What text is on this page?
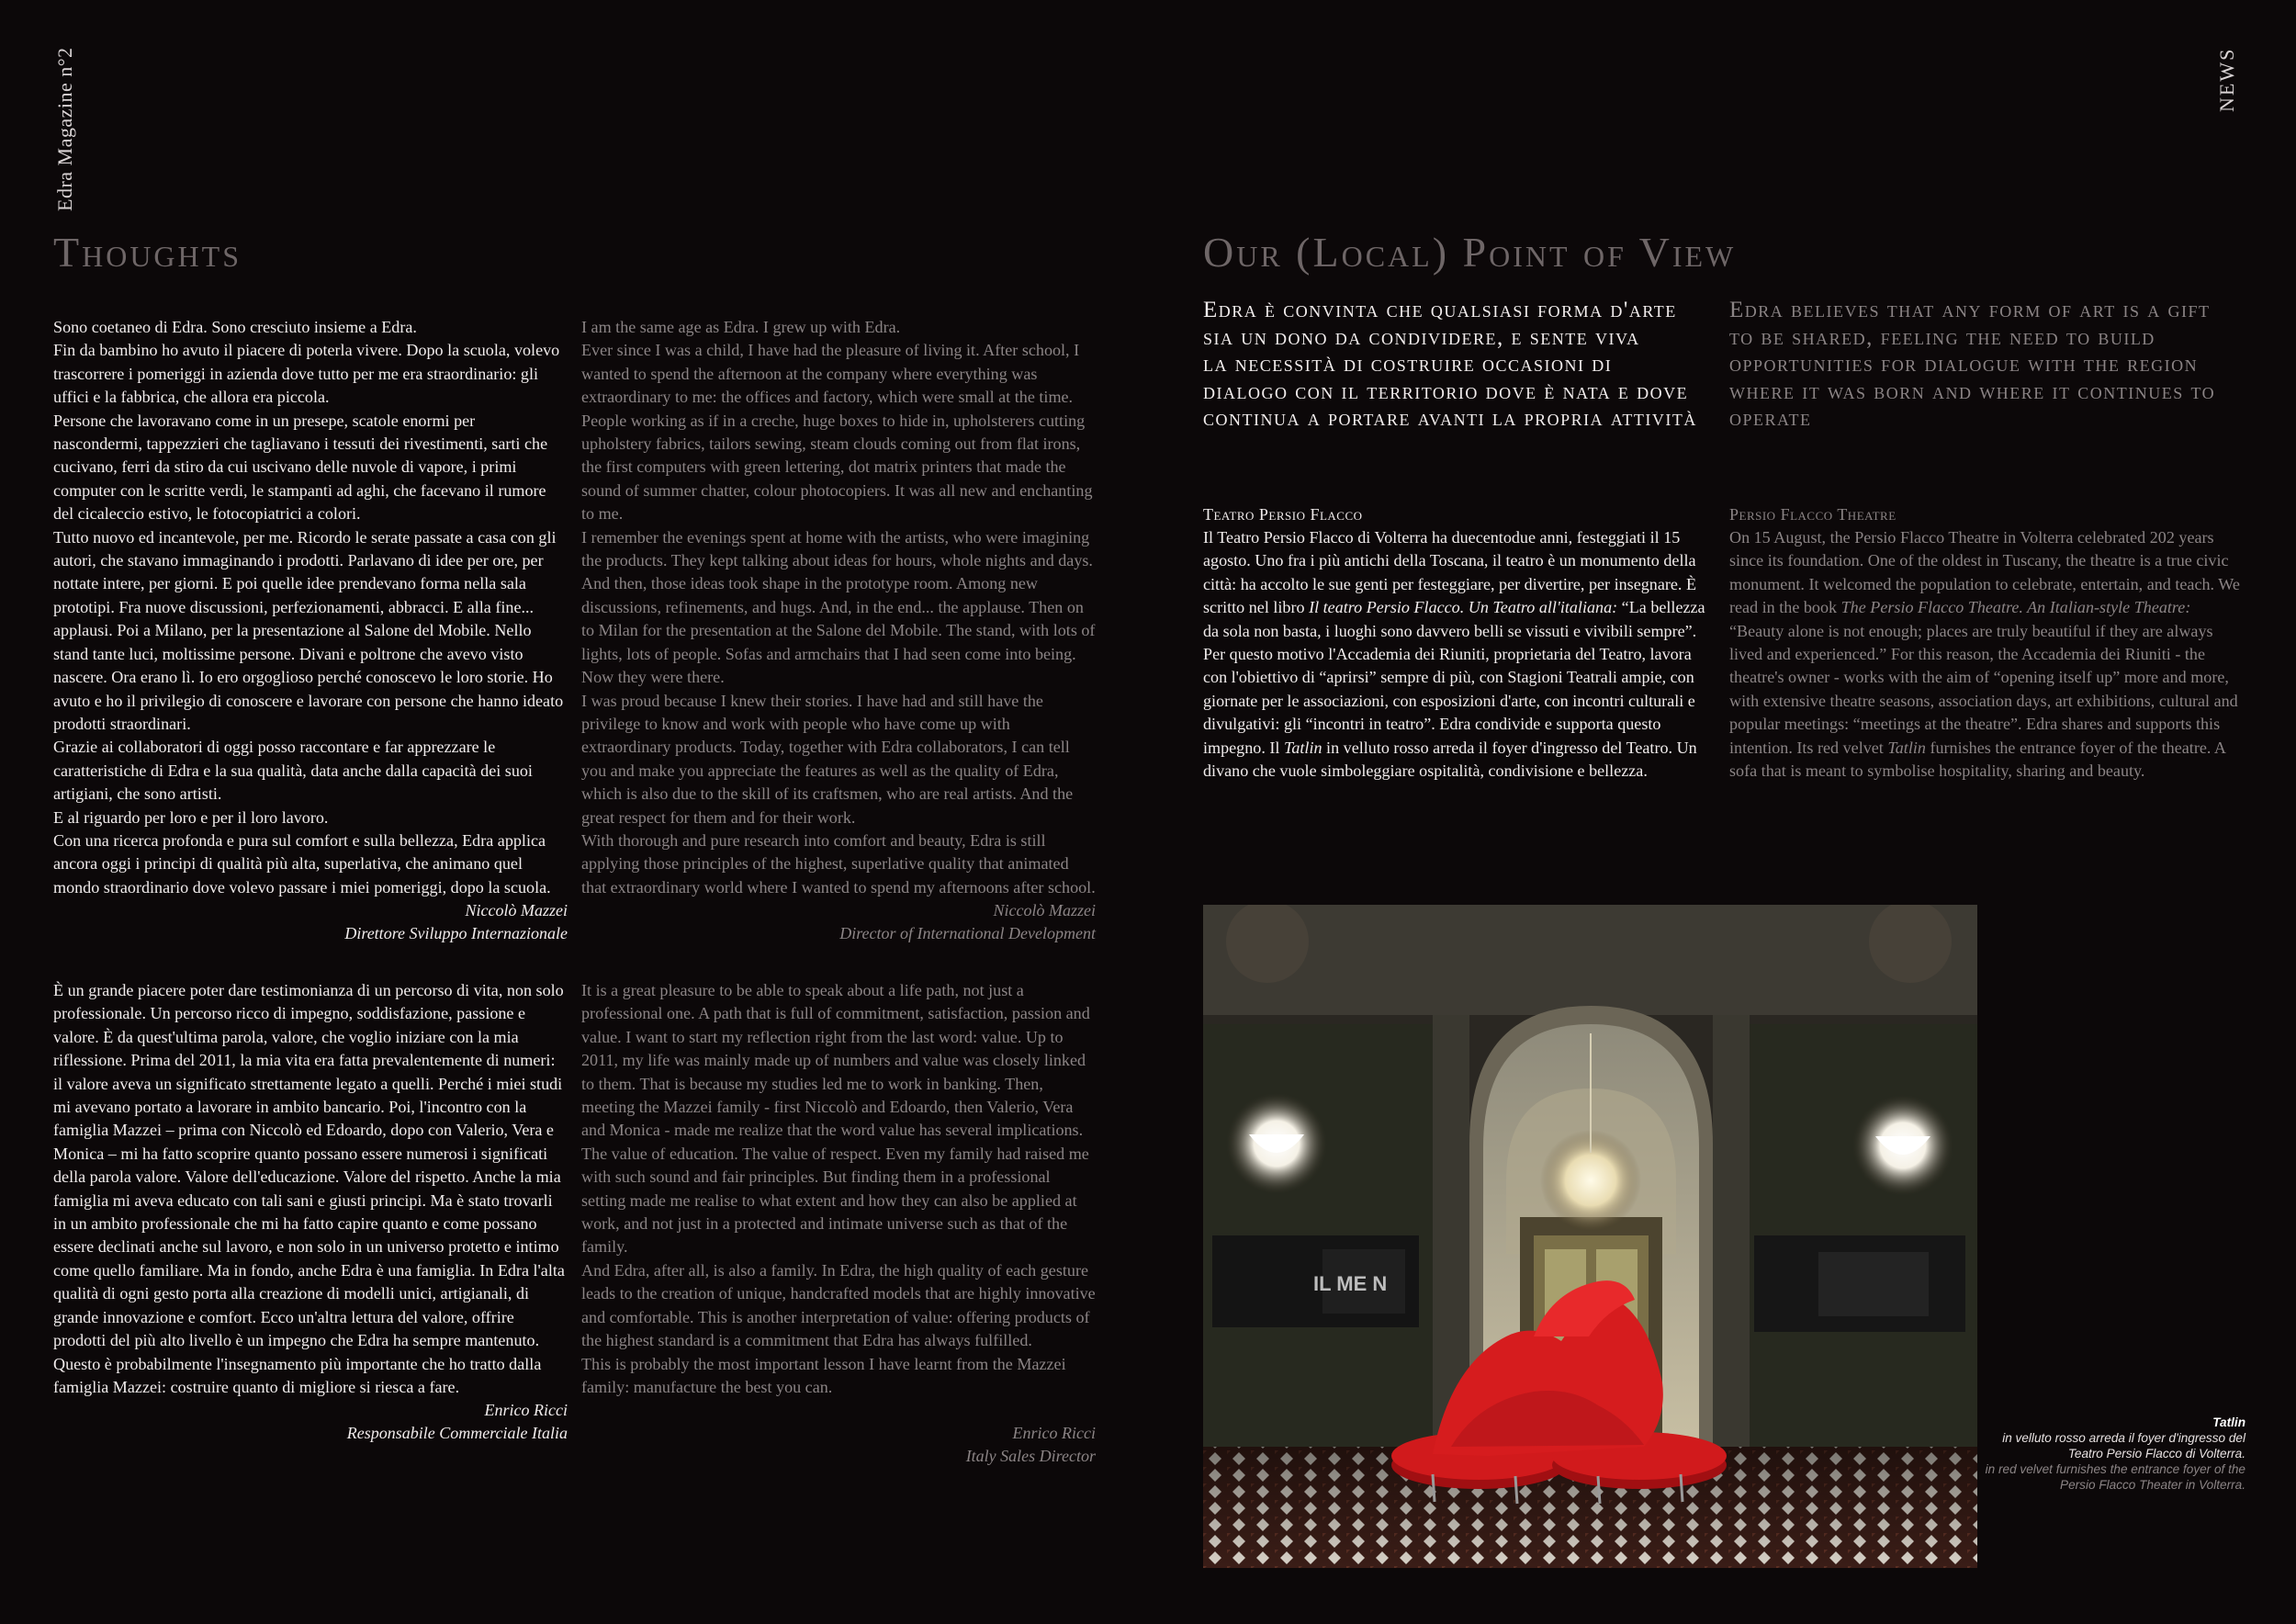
Edra Magazine n°2
Thoughts

Sono coetaneo di Edra. Sono cresciuto insieme a Edra.
Fin da bambino ho avuto il piacere di poterla vivere. Dopo la scuola, volevo trascorrere i pomeriggi in azienda dove tutto per me era straordinario: gli uffici e la fabbrica, che allora era piccola.
Persone che lavoravano come in un presepe, scatole enormi per nascondermi, tappezzieri che tagliavano i tessuti dei rivestimenti, sarti che cucivano, ferri da stiro da cui uscivano delle nuvole di vapore, i primi computer con le scritte verdi, le stampanti ad aghi, che facevano il rumore del cicaleccio estivo, le fotocopiatrici a colori.
Tutto nuovo ed incantevole, per me. Ricordo le serate passate a casa con gli autori, che stavano immaginando i prodotti. Parlavano di idee per ore, per nottate intere, per giorni. E poi quelle idee prendevano forma nella sala prototipi. Fra nuove discussioni, perfezionamenti, abbracci. E alla fine... applausi. Poi a Milano, per la presentazione al Salone del Mobile. Nello stand tante luci, moltissime persone. Divani e poltrone che avevo visto nascere. Ora erano lì. Io ero orgoglioso perché conoscevo le loro storie. Ho avuto e ho il privilegio di conoscere e lavorare con persone che hanno ideato prodotti straordinari.
Grazie ai collaboratori di oggi posso raccontare e far apprezzare le caratteristiche di Edra e la sua qualità, data anche dalla capacità dei suoi artigiani, che sono artisti.
E al riguardo per loro e per il loro lavoro.
Con una ricerca profonda e pura sul comfort e sulla bellezza, Edra applica ancora oggi i principi di qualità più alta, superlativa, che animano quel mondo straordinario dove volevo passare i miei pomeriggi, dopo la scuola.

Niccolò Mazzei
Direttore Sviluppo Internazionale

I am the same age as Edra. I grew up with Edra.
Ever since I was a child, I have had the pleasure of living it. After school, I wanted to spend the afternoon at the company where everything was extraordinary to me: the offices and factory, which were small at the time. People working as if in a creche, huge boxes to hide in, upholsterers cutting upholstery fabrics, tailors sewing, steam clouds coming out from flat irons, the first computers with green lettering, dot matrix printers that made the sound of summer chatter, colour photocopiers. It was all new and enchanting to me.
I remember the evenings spent at home with the artists, who were imagining the products. They kept talking about ideas for hours, whole nights and days. And then, those ideas took shape in the prototype room. Among new discussions, refinements, and hugs. And, in the end... the applause. Then on to Milan for the presentation at the Salone del Mobile. The stand, with lots of lights, lots of people. Sofas and armchairs that I had seen come into being. Now they were there.
I was proud because I knew their stories. I have had and still have the privilege to know and work with people who have come up with extraordinary products. Today, together with Edra collaborators, I can tell you and make you appreciate the features as well as the quality of Edra, which is also due to the skill of its craftsmen, who are real artists. And the great respect for them and for their work.
With thorough and pure research into comfort and beauty, Edra is still applying those principles of the highest, superlative quality that animated that extraordinary world where I wanted to spend my afternoons after school.

Niccolò Mazzei
Director of International Development

È un grande piacere poter dare testimonianza di un percorso di vita, non solo professionale. Un percorso ricco di impegno, soddisfazione, passione e valore. È da quest'ultima parola, valore, che voglio iniziare con la mia riflessione. Prima del 2011, la mia vita era fatta prevalentemente di numeri: il valore aveva un significato strettamente legato a quelli. Perché i miei studi mi avevano portato a lavorare in ambito bancario. Poi, l'incontro con la famiglia Mazzei – prima con Niccolò ed Edoardo, dopo con Valerio, Vera e Monica – mi ha fatto scoprire quanto possano essere numerosi i significati della parola valore. Valore dell'educazione. Valore del rispetto. Anche la mia famiglia mi aveva educato con tali sani e giusti principi. Ma è stato trovarli in un ambito professionale che mi ha fatto capire quanto e come possano essere declinati anche sul lavoro, e non solo in un universo protetto e intimo come quello familiare. Ma in fondo, anche Edra è una famiglia. In Edra l'alta qualità di ogni gesto porta alla creazione di modelli unici, artigianali, di grande innovazione e comfort. Ecco un'altra lettura del valore, offrire prodotti del più alto livello è un impegno che Edra ha sempre mantenuto. Questo è probabilmente l'insegnamento più importante che ho tratto dalla famiglia Mazzei: costruire quanto di migliore si riesca a fare.

Enrico Ricci
Responsabile Commerciale Italia

It is a great pleasure to be able to speak about a life path, not just a professional one. A path that is full of commitment, satisfaction, passion and value. I want to start my reflection right from the last word: value. Up to 2011, my life was mainly made up of numbers and value was closely linked to them. That is because my studies led me to work in banking. Then, meeting the Mazzei family - first Niccolò and Edoardo, then Valerio, Vera and Monica - made me realize that the word value has several implications. The value of education. The value of respect. Even my family had raised me with such sound and fair principles. But finding them in a professional setting made me realise to what extent and how they can also be applied at work, and not just in a protected and intimate universe such as that of the family.
And Edra, after all, is also a family. In Edra, the high quality of each gesture leads to the creation of unique, handcrafted models that are highly innovative and comfortable. This is another interpretation of value: offering products of the highest standard is a commitment that Edra has always fulfilled.
This is probably the most important lesson I have learnt from the Mazzei family: manufacture the best you can.

Enrico Ricci
Italy Sales Director
NEWS
Our (Local) Point of View
Edra è convinta che qualsiasi forma d'arte
sia un dono da condividere, e sente viva
la necessità di costruire occasioni di
dialogo con il territorio dove è nata e dove
continua a portare avanti la propria attività
Edra believes that any form of art is a gift
to be shared, feeling the need to build
opportunities for dialogue with the region
where it was born and where it continues to
operate
Teatro Persio Flacco
Il Teatro Persio Flacco di Volterra ha duecentodue anni, festeggiati il 15 agosto. Uno fra i più antichi della Toscana, il teatro è un monumento della città: ha accolto le sue genti per festeggiare, per divertire, per insegnare. È scritto nel libro Il teatro Persio Flacco. Un Teatro all'italiana: “La bellezza da sola non basta, i luoghi sono davvero belli se vissuti e vivibili sempre”. Per questo motivo l'Accademia dei Riuniti, proprietaria del Teatro, lavora con l'obiettivo di “aprirsi” sempre di più, con Stagioni Teatrali ampie, con giornate per le associazioni, con esposizioni d'arte, con incontri culturali e divulgativi: gli “incontri in teatro”. Edra condivide e supporta questo impegno. Il Tatlin in velluto rosso arreda il foyer d'ingresso del Teatro. Un divano che vuole simboleggiare ospitalità, condivisione e bellezza.
Persio Flacco Theatre
On 15 August, the Persio Flacco Theatre in Volterra celebrated 202 years since its foundation. One of the oldest in Tuscany, the theatre is a true civic monument. It welcomed the population to celebrate, entertain, and teach. We read in the book The Persio Flacco Theatre. An Italian-style Theatre: “Beauty alone is not enough; places are truly beautiful if they are always lived and experienced.” For this reason, the Accademia dei Riuniti - the theatre's owner - works with the aim of “opening itself up” more and more, with extensive theatre seasons, association days, art exhibitions, cultural and popular meetings: “meetings at the theatre”. Edra shares and supports this intention. Its red velvet Tatlin furnishes the entrance foyer of the theatre. A sofa that is meant to symbolise hospitality, sharing and beauty.
IL ME N
Tatlin
in velluto rosso arreda il foyer d'ingresso del Teatro Persio Flacco di Volterra.
in red velvet furnishes the entrance foyer of the Persio Flacco Theater in Volterra.
